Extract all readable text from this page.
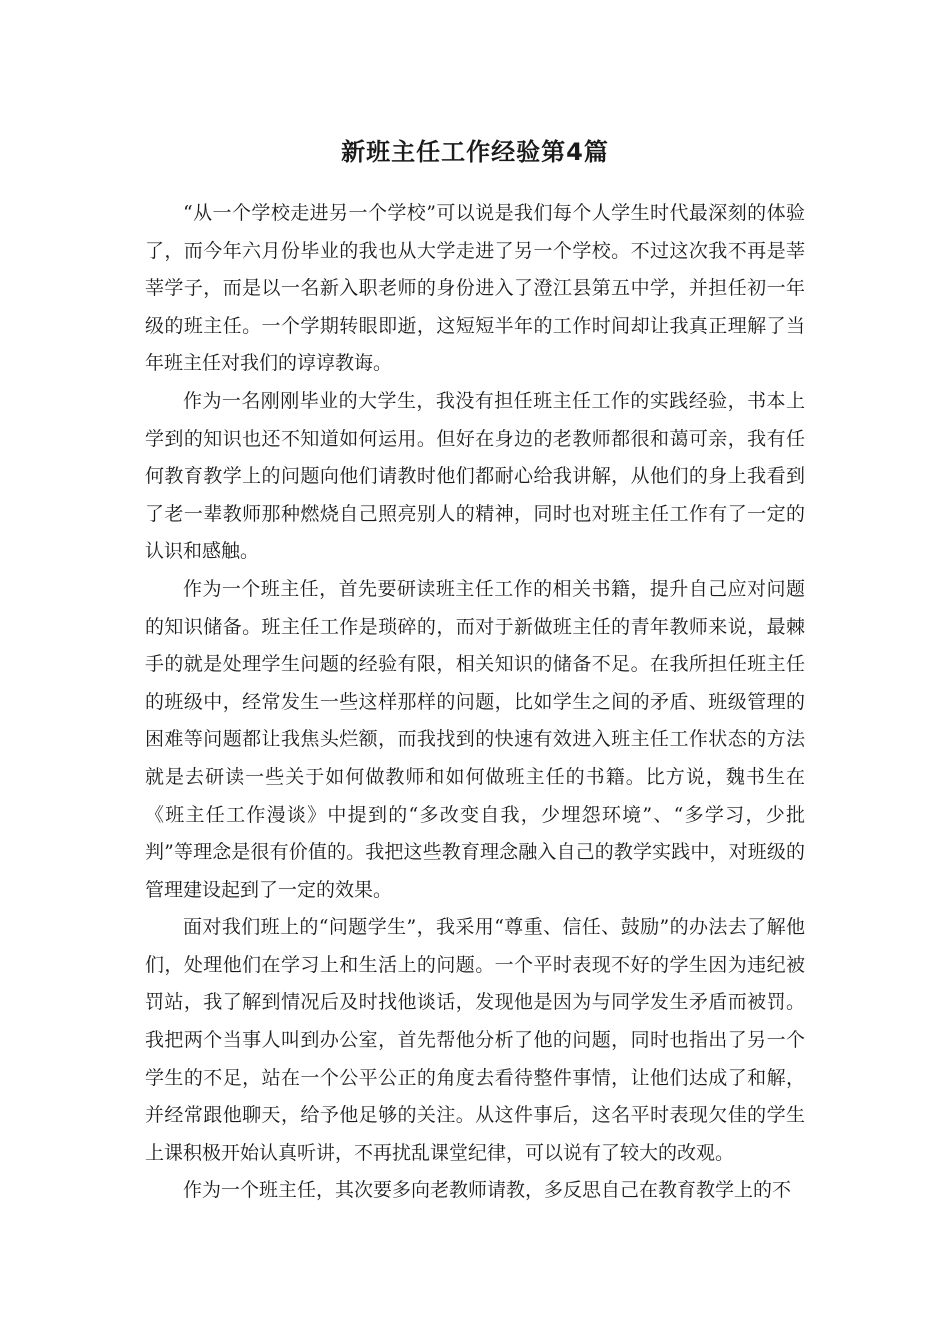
新班主任工作经验第4篇

“从一个学校走进另一个学校”可以说是我们每个人学生时代最深刻的体验了，而今年六月份毕业的我也从大学走进了另一个学校。不过这次我不再是莘莘学子，而是以一名新入职老师的身份进入了澄江县第五中学，并担任初一年级的班主任。一个学期转眼即逝，这短短半年的工作时间却让我真正理解了当年班主任对我们的谆谆教诲。

作为一名刚刚毕业的大学生，我没有担任班主任工作的实践经验，书本上学到的知识也还不知道如何运用。但好在身边的老教师都很和蔼可亲，我有任何教育教学上的问题向他们请教时他们都耐心给我讲解，从他们的身上我看到了老一辈教师那种燃烧自己照亮别人的精神，同时也对班主任工作有了一定的认识和感触。

作为一个班主任，首先要研读班主任工作的相关书籍，提升自己应对问题的知识储备。班主任工作是琐碎的，而对于新做班主任的青年教师来说，最棘手的就是处理学生问题的经验有限，相关知识的储备不足。在我所担任班主任的班级中，经常发生一些这样那样的问题，比如学生之间的矛盾、班级管理的困难等问题都让我焦头烂额，而我找到的快速有效进入班主任工作状态的方法就是去研读一些关于如何做教师和如何做班主任的书籍。比方说，魏书生在《班主任工作漫谈》中提到的“多改变自我，少埋怨环境”、“多学习，少批判”等理念是很有价值的。我把这些教育理念融入自己的教学实践中，对班级的管理建设起到了一定的效果。

面对我们班上的“问题学生”，我采用“尊重、信任、鼓励”的办法去了解他们，处理他们在学习上和生活上的问题。一个平时表现不好的学生因为违纪被罚站，我了解到情况后及时找他谈话，发现他是因为与同学发生矛盾而被罚。我把两个当事人叫到办公室，首先帮他分析了他的问题，同时也指出了另一个学生的不足，站在一个公平公正的角度去看待整件事情，让他们达成了和解，并经常跟他聊天，给予他足够的关注。从这件事后，这名平时表现欠佳的学生上课积极开始认真听讲，不再扰乱课堂纪律，可以说有了较大的改观。

作为一个班主任，其次要多向老教师请教，多反思自己在教育教学上的不
